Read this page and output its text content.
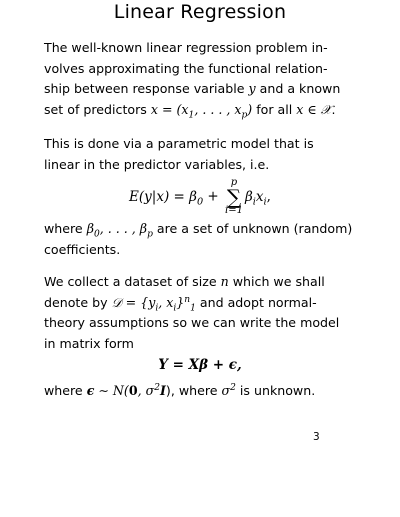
Linear Regression
The well-known linear regression problem in-
volves approximating the functional relation-
ship between response variable y and a known
set of predictors $x = (x_1$, . . . , $x_p$) for all x ∈ 𝒳.
This is done via a parametric model that is
linear in the predictor variables, i.e.
$E(y|x) = \beta_0$ +
p
∑
i=1
$\beta_ix_i$,
where $\beta_0$, . . . , $\beta_p$ are a set of unknown (random)
coefficients.
We collect a dataset of size n which we shall
denote by 𝒟 = {$y_i$, $x_i\}^n_1$ and adopt normal-
theory assumptions so we can write the model
in matrix form
Y = Xβ + ϵ,
where ϵ ∼ N(0, $\sigma^2I$), where $\sigma^2$ is unknown.
3
